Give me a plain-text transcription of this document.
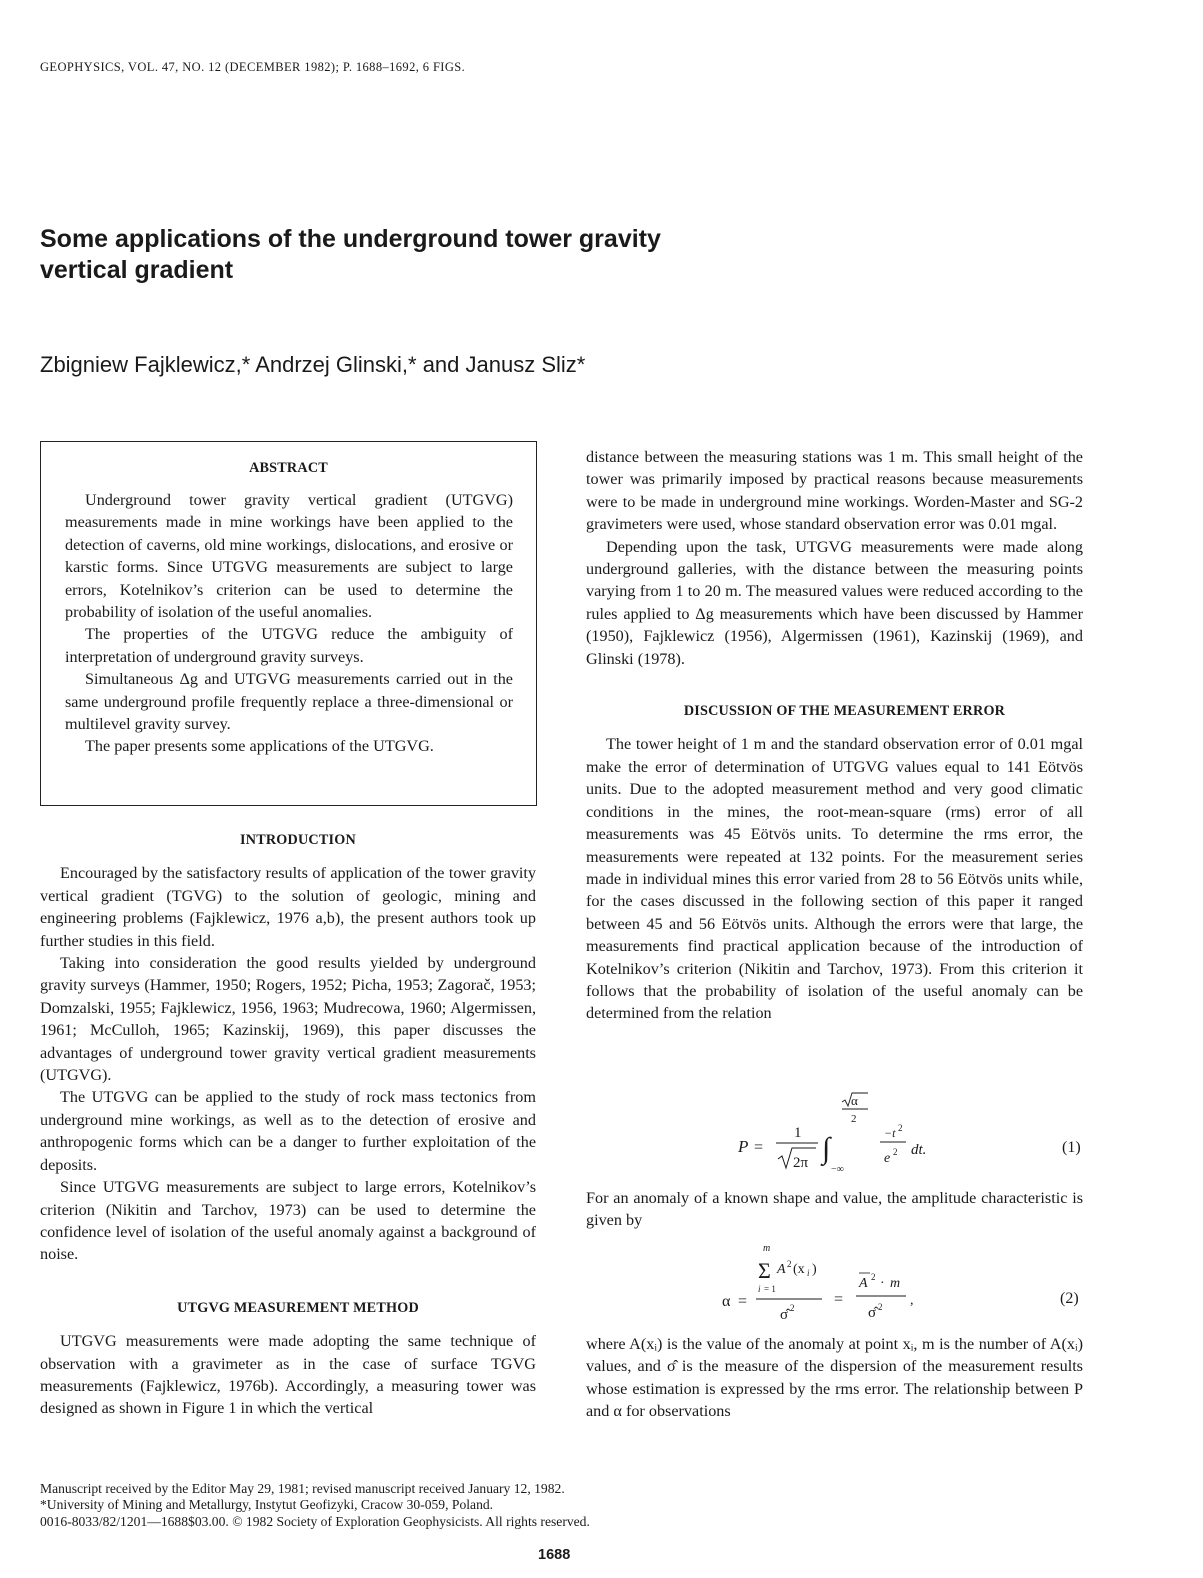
GEOPHYSICS, VOL. 47, NO. 12 (DECEMBER 1982); P. 1688–1692, 6 FIGS.
Some applications of the underground tower gravity
vertical gradient
Zbigniew Fajklewicz,* Andrzej Glinski,* and Janusz Sliz*
ABSTRACT

Underground tower gravity vertical gradient (UTGVG) measurements made in mine workings have been applied to the detection of caverns, old mine workings, dislocations, and erosive or karstic forms. Since UTGVG measurements are subject to large errors, Kotelnikov’s criterion can be used to determine the probability of isolation of the useful anomalies.

The properties of the UTGVG reduce the ambiguity of interpretation of underground gravity surveys.

Simultaneous Δg and UTGVG measurements carried out in the same underground profile frequently replace a three-dimensional or multilevel gravity survey.

The paper presents some applications of the UTGVG.

INTRODUCTION

Encouraged by the satisfactory results of application of the tower gravity vertical gradient (TGVG) to the solution of geologic, mining and engineering problems (Fajklewicz, 1976 a,b), the present authors took up further studies in this field.

Taking into consideration the good results yielded by underground gravity surveys (Hammer, 1950; Rogers, 1952; Picha, 1953; Zagorač, 1953; Domzalski, 1955; Fajklewicz, 1956, 1963; Mudrecowa, 1960; Algermissen, 1961; McCulloh, 1965; Kazinskij, 1969), this paper discusses the advantages of underground tower gravity vertical gradient measurements (UTGVG).

The UTGVG can be applied to the study of rock mass tectonics from underground mine workings, as well as to the detection of erosive and anthropogenic forms which can be a danger to further exploitation of the deposits.

Since UTGVG measurements are subject to large errors, Kotelnikov’s criterion (Nikitin and Tarchov, 1973) can be used to determine the confidence level of isolation of the useful anomaly against a background of noise.

UTGVG MEASUREMENT METHOD

UTGVG measurements were made adopting the same technique of observation with a gravimeter as in the case of surface TGVG measurements (Fajklewicz, 1976b). Accordingly, a measuring tower was designed as shown in Figure 1 in which the vertical

distance between the measuring stations was 1 m. This small height of the tower was primarily imposed by practical reasons because measurements were to be made in underground mine workings. Worden-Master and SG-2 gravimeters were used, whose standard observation error was 0.01 mgal.

Depending upon the task, UTGVG measurements were made along underground galleries, with the distance between the measuring points varying from 1 to 20 m. The measured values were reduced according to the rules applied to Δg measurements which have been discussed by Hammer (1950), Fajklewicz (1956), Algermissen (1961), Kazinskij (1969), and Glinski (1978).

DISCUSSION OF THE MEASUREMENT ERROR

The tower height of 1 m and the standard observation error of 0.01 mgal make the error of determination of UTGVG values equal to 141 Eötvös units. Due to the adopted measurement method and very good climatic conditions in the mines, the root-mean-square (rms) error of all measurements was 45 Eötvös units. To determine the rms error, the measurements were repeated at 132 points. For the measurement series made in individual mines this error varied from 28 to 56 Eötvös units while, for the cases discussed in the following section of this paper it ranged between 45 and 56 Eötvös units. Although the errors were that large, the measurements find practical application because of the introduction of Kotelnikov’s criterion (Nikitin and Tarchov, 1973). From this criterion it follows that the probability of isolation of the useful anomaly can be determined from the relation

P =
1
2π ∫
−∞
α
2
−t 2
e 2 dt.	(1)
For an anomaly of a known shape and value, the amplitude characteristic is given by
α =
m
Σ
i = 1
A 2 (x i )
σ̂ 2 =
A 2 · m
σ̂ 2 ,	(2)
where A(xᵢ) is the value of the anomaly at point xᵢ, m is the number of A(xᵢ) values, and σ̂ is the measure of the dispersion of the measurement results whose estimation is expressed by the rms error. The relationship between P and α for observations
Manuscript received by the Editor May 29, 1981; revised manuscript received January 12, 1982.
*University of Mining and Metallurgy, Instytut Geofizyki, Cracow 30-059, Poland.
0016-8033/82/1201—1688$03.00. © 1982 Society of Exploration Geophysicists. All rights reserved.
1688
